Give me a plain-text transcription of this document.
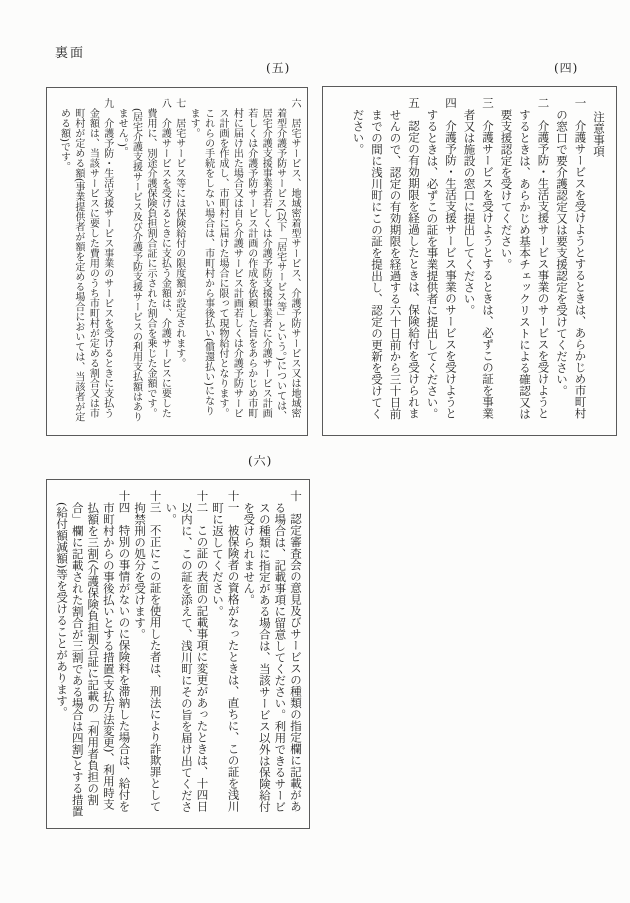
裏面
(四)
(五)
(六)

注意事項

一　介護サービスを受けようとするときは、あらかじめ市町村の窓口で要介護認定又は要支援認定を受けてください。

二　介護予防・生活支援サービス事業のサービスを受けようとするときは、あらかじめ基本チェックリストによる確認又は要支援認定を受けてください。

三　介護サービスを受けようとするときは、必ずこの証を事業者又は施設の窓口に提出してください。

四　介護予防・生活支援サービス事業のサービスを受けようとするときは、必ずこの証を事業提供者に提出してください。

五　認定の有効期限を経過したときは、保険給付を受けられませんので、認定の有効期限を経過する六十日前から三十日前までの間に浅川町にこの証を提出し、認定の更新を受けてください。

六　居宅サービス、地域密着型サービス、介護予防サービス又は地域密着型介護予防サービス(以下「居宅サービス等」という。)については、居宅介護支援事業者若しくは介護予防支援事業者に介護サービス計画若しくは介護予防サービス計画の作成を依頼した旨をあらかじめ市町村に届け出た場合又は自ら介護サービス計画若しくは介護予防サービス計画を作成し、市町村に届けた場合に限って現物給付となります。これらの手続をしない場合は、市町村から事後払い(償還払い)になります。

七　居宅サービス等には保険給付の限度額が設定されます。

八　介護サービスを受けるときに支払う金額は、介護サービスに要した費用に、別途介護保険負担割合証に示された割合を乗じた金額です。(居宅介護支援サービス及び介護予防支援サービスの利用支払額はありません。)。

九　介護予防・生活支援サービス事業のサービスを受けるときに支払う金額は、当該サービスに要した費用のうち市町村が定める割合又は市町村が定める額(事業提供者が額を定める場合においては、当該者が定める額)です。

十　認定審査会の意見及びサービスの種類の指定欄に記載がある場合は、記載事項に留意してください。利用できるサービスの種類に指定がある場合は、当該サービス以外は保険給付を受けられません。

十一　被保険者の資格がなったときは、直ちに、この証を浅川町に返してください。

十二　この証の表面の記載事項に変更があったときは、十四日以内に、この証を添えて、浅川町にその旨を届け出てください。

十三　不正にこの証を使用した者は、刑法により詐欺罪として拘禁刑の処分を受けます。

十四　特別の事情がないのに保険料を滞納した場合は、給付を市町村からの事後払いとする措置(支払方法変更)、利用時支払額を三割(介護保険負担割合証に記載の「利用者負担の割合」欄に記載された割合が三割である場合は四割)とする措置(給付額減額)等を受けることがあります。
